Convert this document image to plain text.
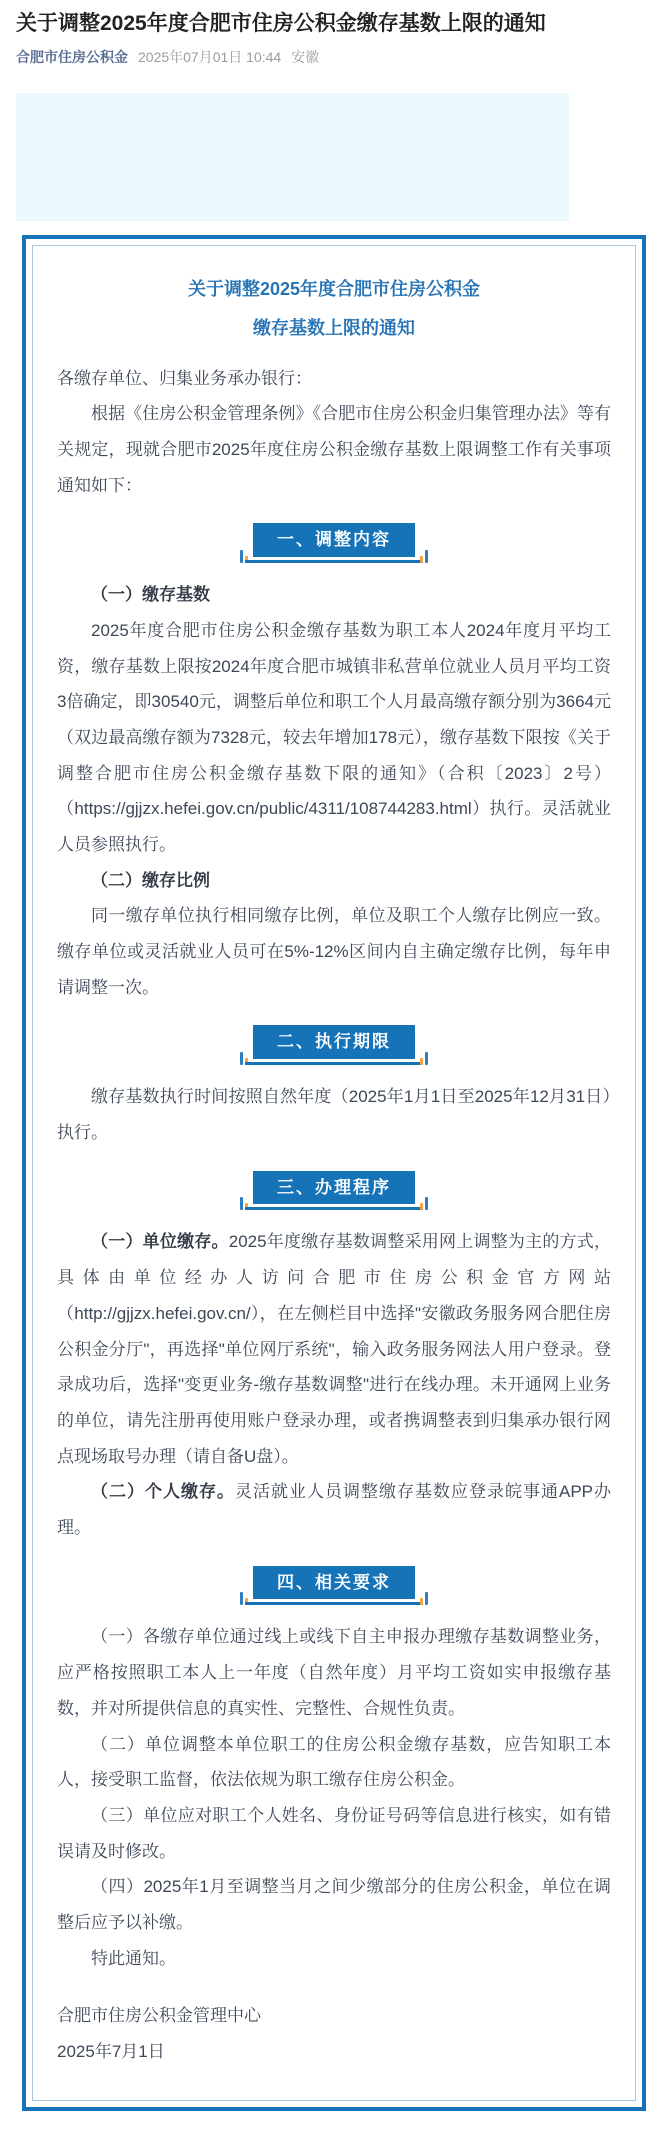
关于调整2025年度合肥市住房公积金缴存基数上限的通知
合肥市住房公积金 2025年07月01日 10:44 安徽
关于调整2025年度合肥市住房公积金
缴存基数上限的通知

各缴存单位、归集业务承办银行：

根据《住房公积金管理条例》《合肥市住房公积金归集管理办法》等有关规定，现就合肥市2025年度住房公积金缴存基数上限调整工作有关事项通知如下：

一、调整内容

（一）缴存基数

2025年度合肥市住房公积金缴存基数为职工本人2024年度月平均工资，缴存基数上限按2024年度合肥市城镇非私营单位就业人员月平均工资3倍确定，即30540元，调整后单位和职工个人月最高缴存额分别为3664元（双边最高缴存额为7328元，较去年增加178元），缴存基数下限按《关于调整合肥市住房公积金缴存基数下限的通知》（合积〔2023〕2号）（https://gjjzx.hefei.gov.cn/public/4311/108744283.html）执行。灵活就业人员参照执行。

（二）缴存比例

同一缴存单位执行相同缴存比例，单位及职工个人缴存比例应一致。缴存单位或灵活就业人员可在5%-12%区间内自主确定缴存比例，每年申请调整一次。

二、执行期限

缴存基数执行时间按照自然年度（2025年1月1日至2025年12月31日）执行。

三、办理程序

（一）单位缴存。2025年度缴存基数调整采用网上调整为主的方式，具体由单位经办人访问合肥市住房公积金官方网站（http://gjjzx.hefei.gov.cn/），在左侧栏目中选择"安徽政务服务网合肥住房公积金分厅"，再选择"单位网厅系统"，输入政务服务网法人用户登录。登录成功后，选择"变更业务-缴存基数调整"进行在线办理。未开通网上业务的单位，请先注册再使用账户登录办理，或者携调整表到归集承办银行网点现场取号办理（请自备U盘）。

（二）个人缴存。灵活就业人员调整缴存基数应登录皖事通APP办理。

四、相关要求

（一）各缴存单位通过线上或线下自主申报办理缴存基数调整业务，应严格按照职工本人上一年度（自然年度）月平均工资如实申报缴存基数，并对所提供信息的真实性、完整性、合规性负责。

（二）单位调整本单位职工的住房公积金缴存基数，应告知职工本人，接受职工监督，依法依规为职工缴存住房公积金。

（三）单位应对职工个人姓名、身份证号码等信息进行核实，如有错误请及时修改。

（四）2025年1月至调整当月之间少缴部分的住房公积金，单位在调整后应予以补缴。

特此通知。

合肥市住房公积金管理中心

2025年7月1日
